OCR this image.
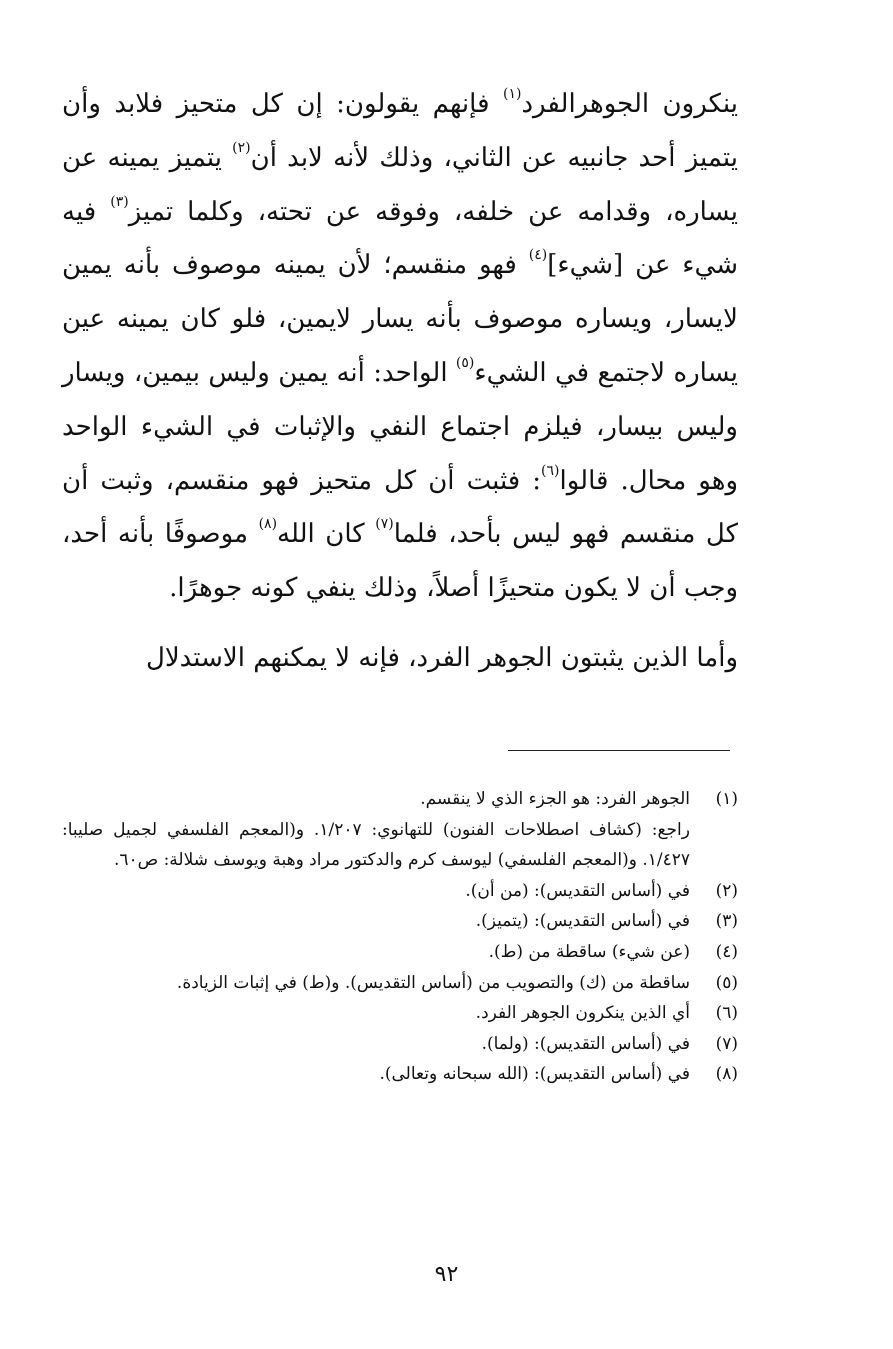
ينكرون الجوهرالفرد$^{(١)}$ فإنهم يقولون: إن كل متحيز فلابد وأن يتميز أحد جانبيه عن الثاني، وذلك لأنه لابد أن$^{(٢)}$ يتميز يمينه عن يساره، وقدامه عن خلفه، وفوقه عن تحته، وكلما تميز$^{(٣)}$ فيه شيء عن [شيء]$^{(٤)}$ فهو منقسم؛ لأن يمينه موصوف بأنه يمين لايسار، ويساره موصوف بأنه يسار لايمين، فلو كان يمينه عين يساره لاجتمع في الشيء$^{(٥)}$ الواحد: أنه يمين وليس بيمين، ويسار وليس بيسار، فيلزم اجتماع النفي والإثبات في الشيء الواحد وهو محال. قالوا$^{(٦)}$: فثبت أن كل متحيز فهو منقسم، وثبت أن كل منقسم فهو ليس بأحد، فلما$^{(٧)}$ كان الله$^{(٨)}$ موصوفًا بأنه أحد، وجب أن لا يكون متحيزًا أصلاً، وذلك ينفي كونه جوهرًا.

وأما الذين يثبتون الجوهر الفرد، فإنه لا يمكنهم الاستدلال

(١)
الجوهر الفرد: هو الجزء الذي لا ينقسم.
راجع: (كشاف اصطلاحات الفنون) للتهانوي: ١/٢٠٧. و(المعجم الفلسفي لجميل صليبا: ١/٤٢٧. و(المعجم الفلسفي) ليوسف كرم والدكتور مراد وهبة ويوسف شلالة: ص٦٠.
(٢)
في (أساس التقديس): (من أن).
(٣)
في (أساس التقديس): (يتميز).
(٤)
(عن شيء) ساقطة من (ط).
(٥)
ساقطة من (ك) والتصويب من (أساس التقديس). و(ط) في إثبات الزيادة.
(٦)
أي الذين ينكرون الجوهر الفرد.
(٧)
في (أساس التقديس): (ولما).
(٨)
في (أساس التقديس): (الله سبحانه وتعالى).
٩٢
